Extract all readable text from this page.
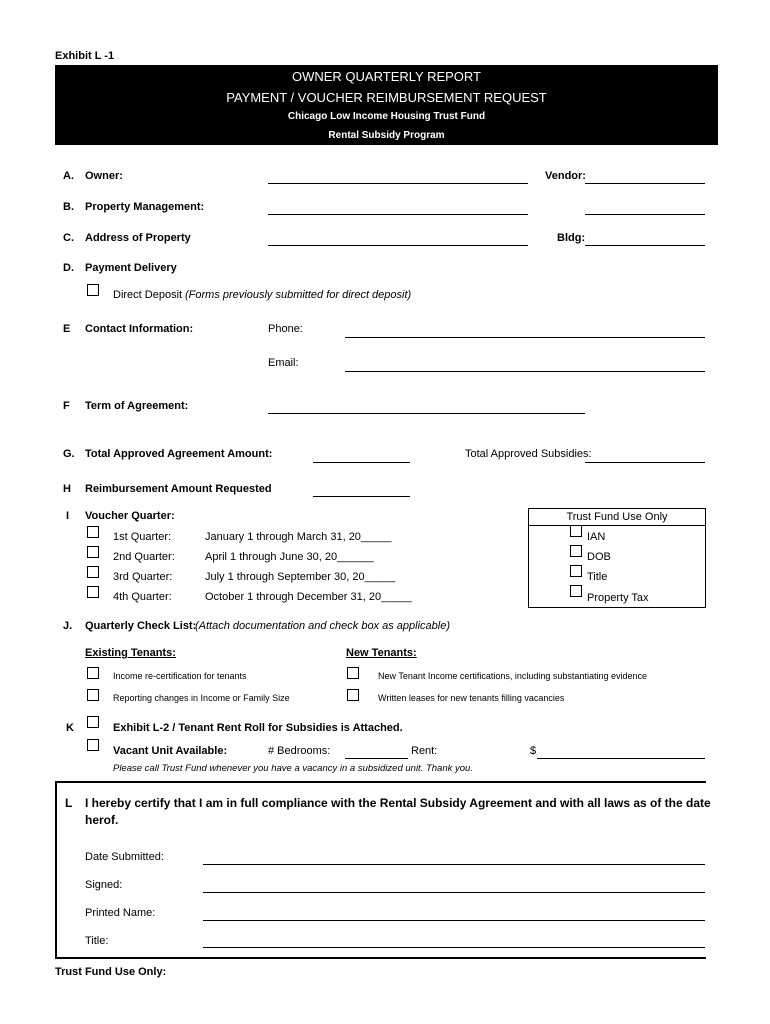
Exhibit L -1
OWNER QUARTERLY REPORT
PAYMENT / VOUCHER REIMBURSEMENT REQUEST
Chicago Low Income Housing Trust Fund
Rental Subsidy Program
A. Owner:	Vendor:
B. Property Management:
C. Address of Property	Bldg:
D. Payment Delivery
Direct Deposit (Forms previously submitted for direct deposit)
E Contact Information:	Phone:
Email:
F Term of Agreement:
G. Total Approved Agreement Amount:	Total Approved Subsidies:
H Reimbursement Amount Requested
I Voucher Quarter:
1st Quarter:	January 1 through March 31, 20_____
2nd Quarter:	April 1 through June 30, 20______
3rd Quarter:	July 1 through September 30, 20_____
4th Quarter:	October 1 through December 31, 20_____
Trust Fund Use Only
IAN
DOB
Title
Property Tax
J. Quarterly Check List:
(Attach documentation and check box as applicable)
Existing Tenants:	New Tenants:
Income re-certification for tenants	New Tenant Income certifications, including substantiating evidence
Reporting changes in Income or Family Size	Written leases for new tenants filling vacancies
K	Exhibit L-2 / Tenant Rent Roll for Subsidies is Attached.
Vacant Unit Available:	# Bedrooms:	Rent:	$
Please call Trust Fund whenever you have a vacancy in a subsidized unit. Thank you.
L I hereby certify that I am in full compliance with the Rental Subsidy Agreement and with all laws as of the date
herof.
Date Submitted:
Signed:
Printed Name:
Title:
Trust Fund Use Only:
